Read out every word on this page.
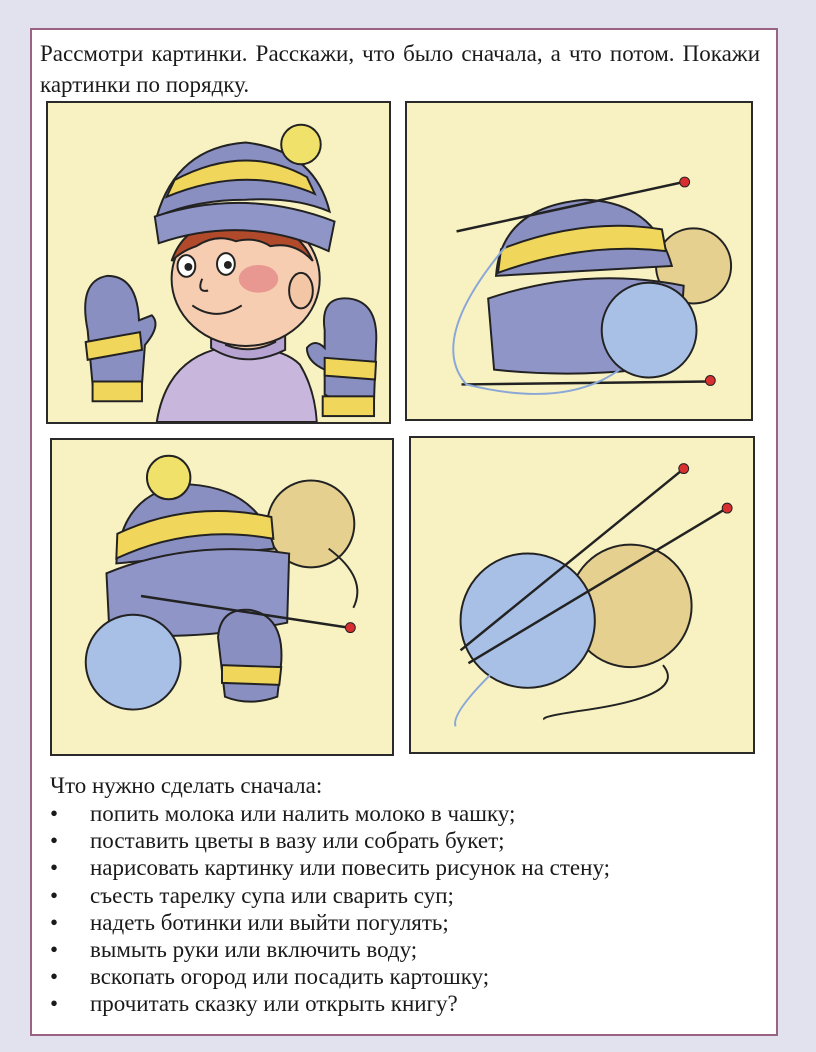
Рассмотри картинки. Расскажи, что было сначала, а что потом. Покажи картинки по порядку.

Что нужно сделать сначала:

• попить молока или налить молоко в чашку;
• поставить цветы в вазу или собрать букет;
• нарисовать картинку или повесить рисунок на стену;
• съесть тарелку супа или сварить суп;
• надеть ботинки или выйти погулять;
• вымыть руки или включить воду;
• вскопать огород или посадить картошку;
• прочитать сказку или открыть книгу?
